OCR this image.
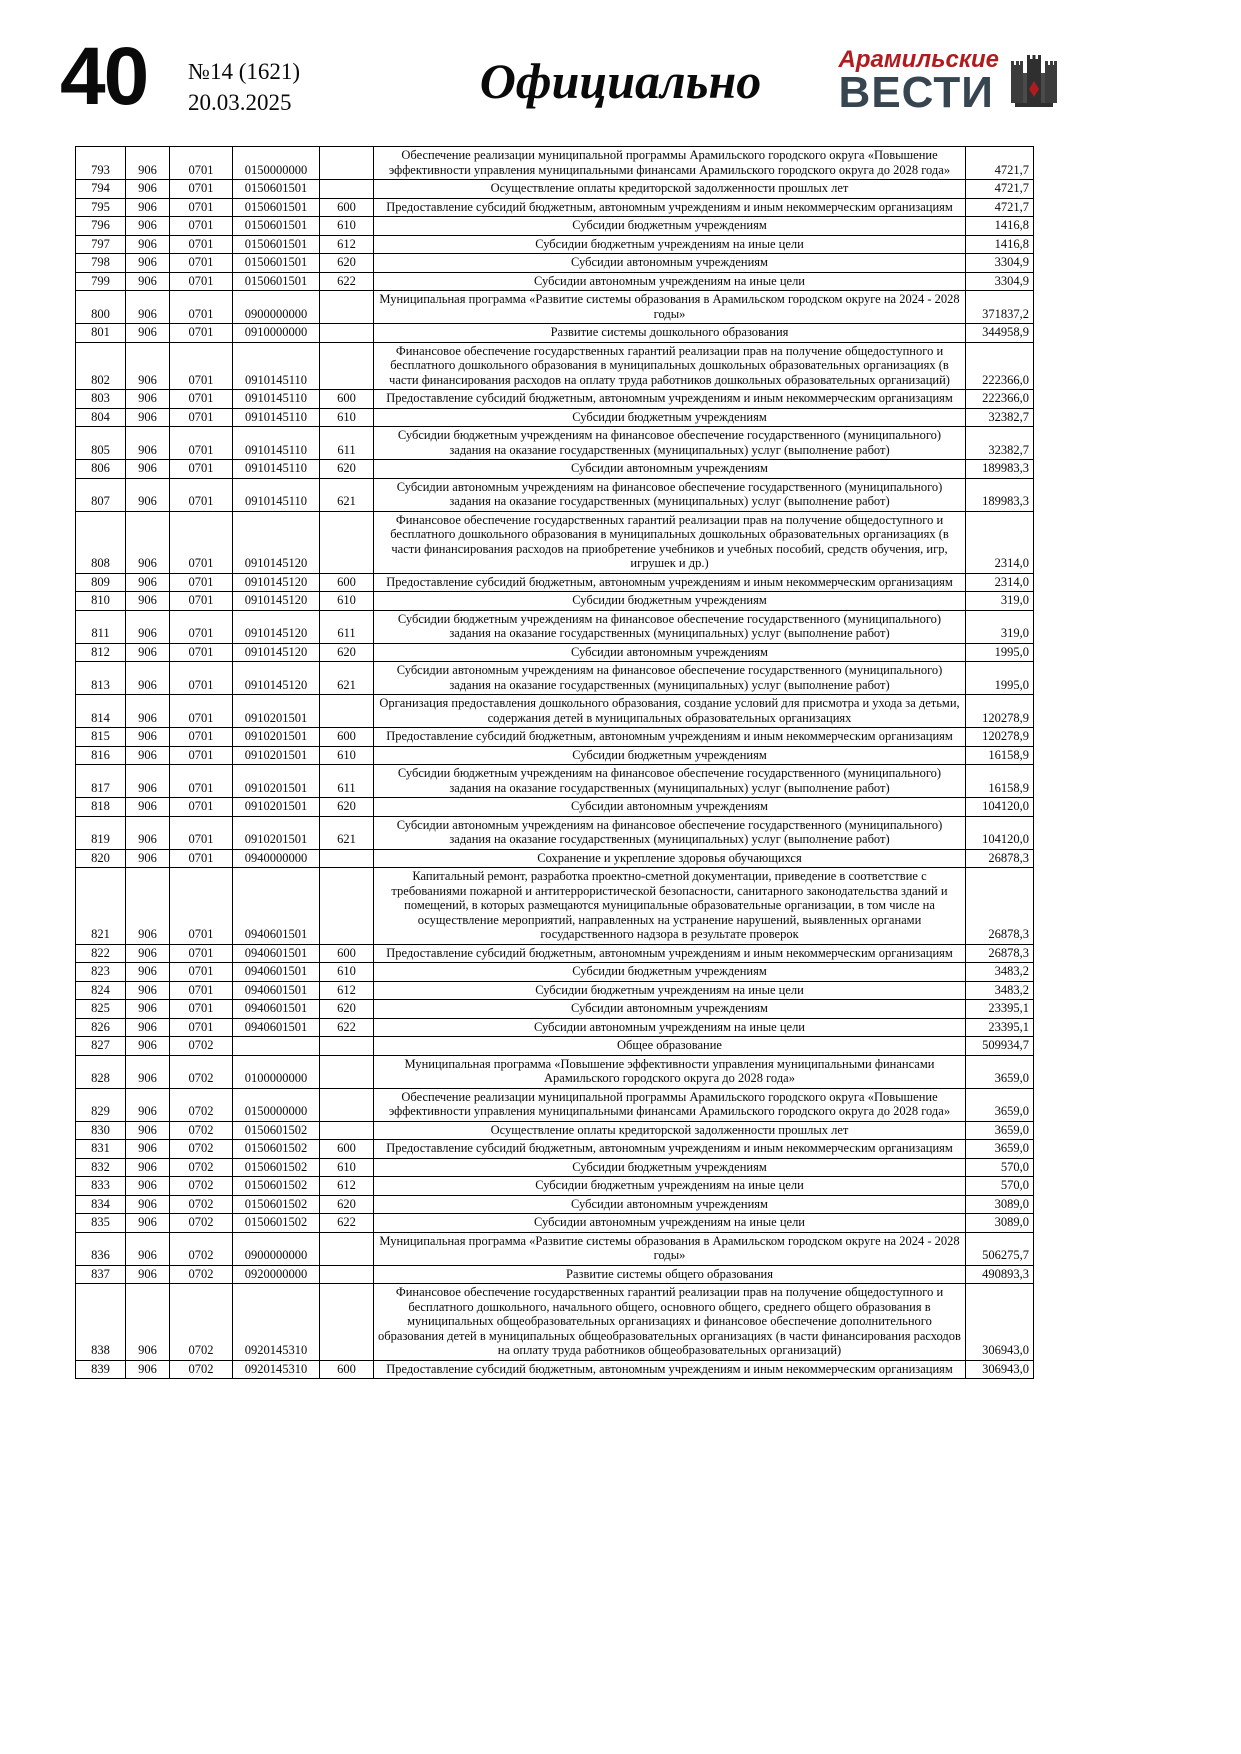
40 №14 (1621)
20.03.2025	Официально	Арамильские
ВЕСТИ
793	906	0701	0150000000		Обеспечение реализации муниципальной программы Арамильского городского округа «Повышение эффективности управления муниципальными финансами Арамильского городского округа до 2028 года»	4721,7
794	906	0701	0150601501		Осуществление оплаты кредиторской задолженности прошлых лет	4721,7
795	906	0701	0150601501	600	Предоставление субсидий бюджетным, автономным учреждениям и иным некоммерческим организациям	4721,7
796	906	0701	0150601501	610	Субсидии бюджетным учреждениям	1416,8
797	906	0701	0150601501	612	Субсидии бюджетным учреждениям на иные цели	1416,8
798	906	0701	0150601501	620	Субсидии автономным учреждениям	3304,9
799	906	0701	0150601501	622	Субсидии автономным учреждениям на иные цели	3304,9
800	906	0701	0900000000		Муниципальная программа «Развитие системы образования в Арамильском городском округе на 2024 - 2028 годы»	371837,2
801	906	0701	0910000000		Развитие системы дошкольного образования	344958,9
802	906	0701	0910145110		Финансовое обеспечение государственных гарантий реализации прав на получение общедоступного и бесплатного дошкольного образования в муниципальных дошкольных образовательных организациях (в части финансирования расходов на оплату труда работников дошкольных образовательных организаций)	222366,0
803	906	0701	0910145110	600	Предоставление субсидий бюджетным, автономным учреждениям и иным некоммерческим организациям	222366,0
804	906	0701	0910145110	610	Субсидии бюджетным учреждениям	32382,7
805	906	0701	0910145110	611	Субсидии бюджетным учреждениям на финансовое обеспечение государственного (муниципального) задания на оказание государственных (муниципальных) услуг (выполнение работ)	32382,7
806	906	0701	0910145110	620	Субсидии автономным учреждениям	189983,3
807	906	0701	0910145110	621	Субсидии автономным учреждениям на финансовое обеспечение государственного (муниципального) задания на оказание государственных (муниципальных) услуг (выполнение работ)	189983,3
808	906	0701	0910145120		Финансовое обеспечение государственных гарантий реализации прав на получение общедоступного и бесплатного дошкольного образования в муниципальных дошкольных образовательных организациях (в части финансирования расходов на приобретение учебников и учебных пособий, средств обучения, игр, игрушек и др.)	2314,0
809	906	0701	0910145120	600	Предоставление субсидий бюджетным, автономным учреждениям и иным некоммерческим организациям	2314,0
810	906	0701	0910145120	610	Субсидии бюджетным учреждениям	319,0
811	906	0701	0910145120	611	Субсидии бюджетным учреждениям на финансовое обеспечение государственного (муниципального) задания на оказание государственных (муниципальных) услуг (выполнение работ)	319,0
812	906	0701	0910145120	620	Субсидии автономным учреждениям	1995,0
813	906	0701	0910145120	621	Субсидии автономным учреждениям на финансовое обеспечение государственного (муниципального) задания на оказание государственных (муниципальных) услуг (выполнение работ)	1995,0
814	906	0701	0910201501		Организация предоставления дошкольного образования, создание условий для присмотра и ухода за детьми, содержания детей в муниципальных образовательных организациях	120278,9
815	906	0701	0910201501	600	Предоставление субсидий бюджетным, автономным учреждениям и иным некоммерческим организациям	120278,9
816	906	0701	0910201501	610	Субсидии бюджетным учреждениям	16158,9
817	906	0701	0910201501	611	Субсидии бюджетным учреждениям на финансовое обеспечение государственного (муниципального) задания на оказание государственных (муниципальных) услуг (выполнение работ)	16158,9
818	906	0701	0910201501	620	Субсидии автономным учреждениям	104120,0
819	906	0701	0910201501	621	Субсидии автономным учреждениям на финансовое обеспечение государственного (муниципального) задания на оказание государственных (муниципальных) услуг (выполнение работ)	104120,0
820	906	0701	0940000000		Сохранение и укрепление здоровья обучающихся	26878,3
821	906	0701	0940601501		Капитальный ремонт, разработка проектно-сметной документации, приведение в соответствие с требованиями пожарной и антитеррористической безопасности, санитарного законодательства зданий и помещений, в которых размещаются муниципальные образовательные организации, в том числе на осуществление мероприятий, направленных на устранение нарушений, выявленных органами государственного надзора в результате проверок	26878,3
822	906	0701	0940601501	600	Предоставление субсидий бюджетным, автономным учреждениям и иным некоммерческим организациям	26878,3
823	906	0701	0940601501	610	Субсидии бюджетным учреждениям	3483,2
824	906	0701	0940601501	612	Субсидии бюджетным учреждениям на иные цели	3483,2
825	906	0701	0940601501	620	Субсидии автономным учреждениям	23395,1
826	906	0701	0940601501	622	Субсидии автономным учреждениям на иные цели	23395,1
827	906	0702			Общее образование	509934,7
828	906	0702	0100000000		Муниципальная программа «Повышение эффективности управления муниципальными финансами Арамильского городского округа до 2028 года»	3659,0
829	906	0702	0150000000		Обеспечение реализации муниципальной программы Арамильского городского округа «Повышение эффективности управления муниципальными финансами Арамильского городского округа до 2028 года»	3659,0
830	906	0702	0150601502		Осуществление оплаты кредиторской задолженности прошлых лет	3659,0
831	906	0702	0150601502	600	Предоставление субсидий бюджетным, автономным учреждениям и иным некоммерческим организациям	3659,0
832	906	0702	0150601502	610	Субсидии бюджетным учреждениям	570,0
833	906	0702	0150601502	612	Субсидии бюджетным учреждениям на иные цели	570,0
834	906	0702	0150601502	620	Субсидии автономным учреждениям	3089,0
835	906	0702	0150601502	622	Субсидии автономным учреждениям на иные цели	3089,0
836	906	0702	0900000000		Муниципальная программа «Развитие системы образования в Арамильском городском округе на 2024 - 2028 годы»	506275,7
837	906	0702	0920000000		Развитие системы общего образования	490893,3
838	906	0702	0920145310		Финансовое обеспечение государственных гарантий реализации прав на получение общедоступного и бесплатного дошкольного, начального общего, основного общего, среднего общего образования в муниципальных общеобразовательных организациях и финансовое обеспечение дополнительного образования детей в муниципальных общеобразовательных организациях (в части финансирования расходов на оплату труда работников общеобразовательных организаций)	306943,0
839	906	0702	0920145310	600	Предоставление субсидий бюджетным, автономным учреждениям и иным некоммерческим организациям	306943,0
